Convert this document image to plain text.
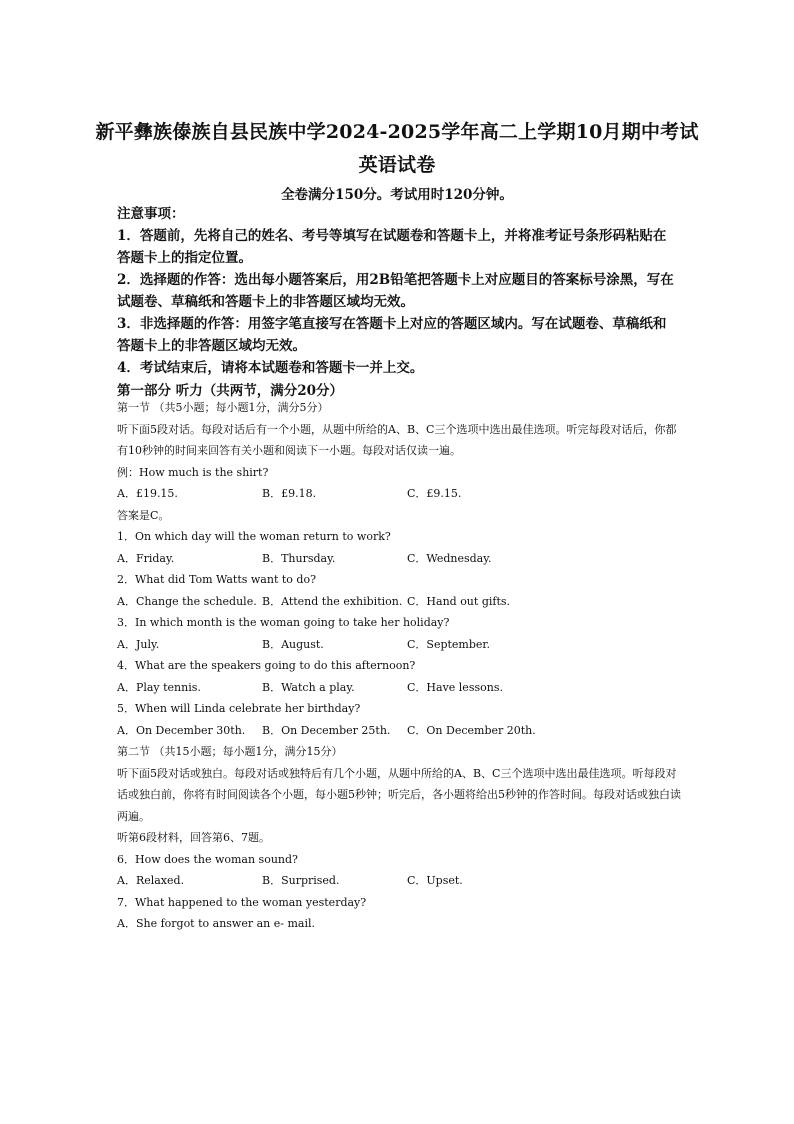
新平彝族傣族自县民族中学2024-2025学年高二上学期10月期中考试
英语试卷
全卷满分150分。考试用时120分钟。

注意事项：

1．答题前，先将自己的姓名、考号等填写在试题卷和答题卡上，并将准考证号条形码粘贴在答题卡上的指定位置。

2．选择题的作答：选出每小题答案后，用2B铅笔把答题卡上对应题目的答案标号涂黑，写在试题卷、草稿纸和答题卡上的非答题区域均无效。

3．非选择题的作答：用签字笔直接写在答题卡上对应的答题区域内。写在试题卷、草稿纸和答题卡上的非答题区域均无效。

4．考试结束后，请将本试题卷和答题卡一并上交。

第一部分 听力（共两节，满分20分）

第一节 （共5小题；每小题1分，满分5分）

听下面5段对话。每段对话后有一个小题，从题中所给的A、B、C三个选项中选出最佳选项。听完每段对话后，你都有10秒钟的时间来回答有关小题和阅读下一小题。每段对话仅读一遍。

例：How much is the shirt?

A．£19.15.	B．£9.18.	C．£9.15.

答案是C。

1．On which day will the woman return to work?

A．Friday.	B．Thursday.	C．Wednesday.

2．What did Tom Watts want to do?

A．Change the schedule. B．Attend the exhibition. C．Hand out gifts.

3．In which month is the woman going to take her holiday?

A．July.	B．August.	C．September.

4．What are the speakers going to do this afternoon?

A．Play tennis.	B．Watch a play.	C．Have lessons.

5．When will Linda celebrate her birthday?

A．On December 30th.	B．On December 25th.	C．On December 20th.

第二节 （共15小题；每小题1分，满分15分）

听下面5段对话或独白。每段对话或独特后有几个小题，从题中所给的A、B、C三个选项中选出最佳选项。听每段对话或独白前，你将有时间阅读各个小题，每小题5秒钟；听完后，各小题将给出5秒钟的作答时间。每段对话或独白读两遍。

听第6段材料，回答第6、7题。

6．How does the woman sound?

A．Relaxed.	B．Surprised.	C．Upset.

7．What happened to the woman yesterday?

A．She forgot to answer an e- mail.
